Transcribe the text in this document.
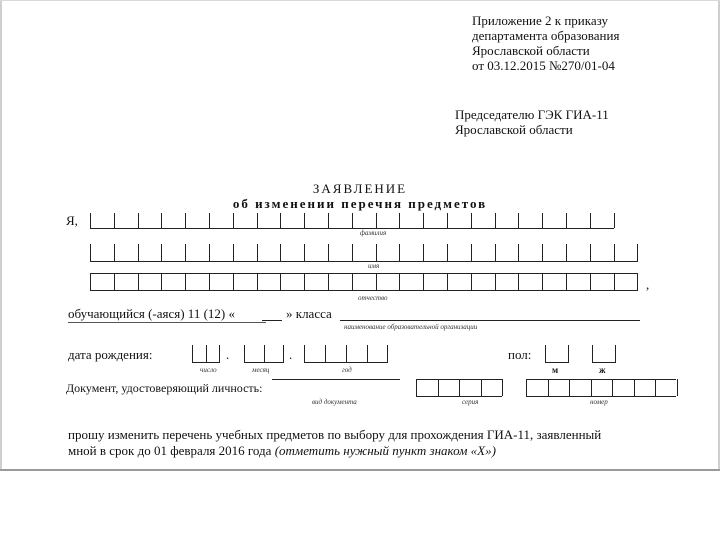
Приложение 2 к приказу
департамента образования
Ярославской области
от 03.12.2015 №270/01-04
Председателю ГЭК ГИА-11
Ярославской области
ЗАЯВЛЕНИЕ
об изменении перечня предметов
Я,
фамилия
имя
,
отчество
обучающийся (-аяся) 11 (12) «	» класса
наименование образовательной организации
дата рождения:	.	.
число	месяц	год
пол:
м	ж
Документ, удостоверяющий личность:
вид документа	серия	номер
прошу изменить перечень учебных предметов по выбору для прохождения ГИА-11, заявленный
мной в срок до 01 февраля 2016 года (отметить нужный пункт знаком «Х»)
